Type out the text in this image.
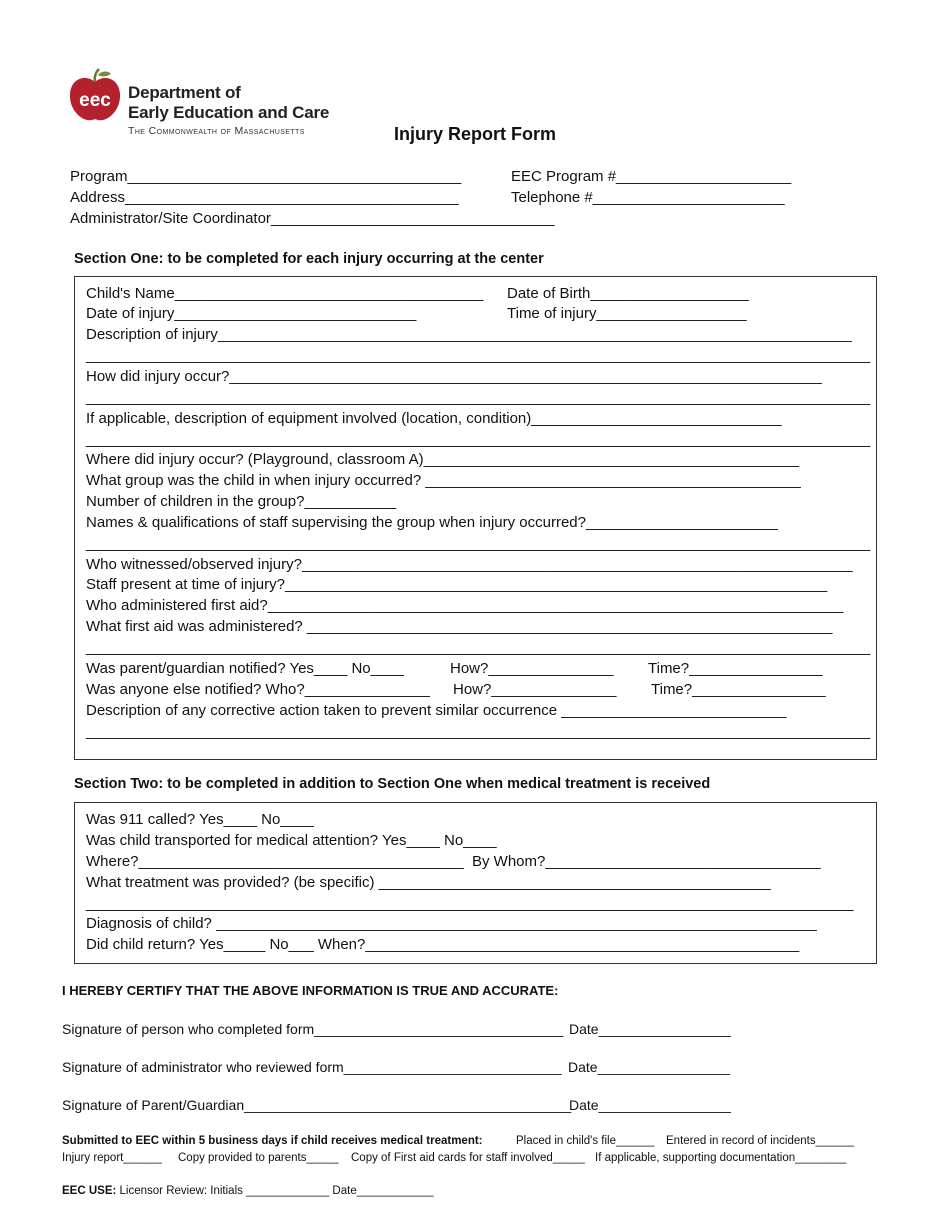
eec Department of
Early Education and Care
The Commonwealth of Massachusetts	Injury Report Form
Program________________________________________	EEC Program #_____________________
Address________________________________________	Telephone #_______________________
Administrator/Site Coordinator__________________________________
Section One: to be completed for each injury occurring at the center
Child's Name_____________________________________ Date of Birth___________________
Date of injury_____________________________	Time of injury__________________
Description of injury____________________________________________________________________________
______________________________________________________________________________________________
How did injury occur?_______________________________________________________________________
______________________________________________________________________________________________
If applicable, description of equipment involved (location, condition)______________________________
______________________________________________________________________________________________
Where did injury occur? (Playground, classroom A)_____________________________________________
What group was the child in when injury occurred? _____________________________________________
Number of children in the group?___________
Names & qualifications of staff supervising the group when injury occurred?_______________________
______________________________________________________________________________________________
Who witnessed/observed injury?__________________________________________________________________
Staff present at time of injury?_________________________________________________________________
Who administered first aid?_____________________________________________________________________
What first aid was administered? _______________________________________________________________
______________________________________________________________________________________________
Was parent/guardian notified? Yes____ No____	How?_______________ Time?________________
Was anyone else notified? Who?_______________ How?_______________ Time?________________
Description of any corrective action taken to prevent similar occurrence ___________________________
______________________________________________________________________________________________
Section Two: to be completed in addition to Section One when medical treatment is received
Was 911 called? Yes____ No____
Was child transported for medical attention? Yes____ No____
Where?_______________________________________ By Whom?_________________________________
What treatment was provided? (be specific) _______________________________________________
____________________________________________________________________________________________
Diagnosis of child? ________________________________________________________________________
Did child return? Yes_____ No___ When?____________________________________________________
I HEREBY CERTIFY THAT THE ABOVE INFORMATION IS TRUE AND ACCURATE:
Signature of person who completed form________________________________ Date_________________
Signature of administrator who reviewed form____________________________ Date_________________
Signature of Parent/Guardian__________________________________________
Date_________________
Submitted to EEC within 5 business days if child receives medical treatment:	Placed in child's file______ Entered in record of incidents______
Injury report______ Copy provided to parents_____ Copy of First aid cards for staff involved_____ If applicable, supporting documentation________
EEC USE: Licensor Review: Initials _____________ Date____________
